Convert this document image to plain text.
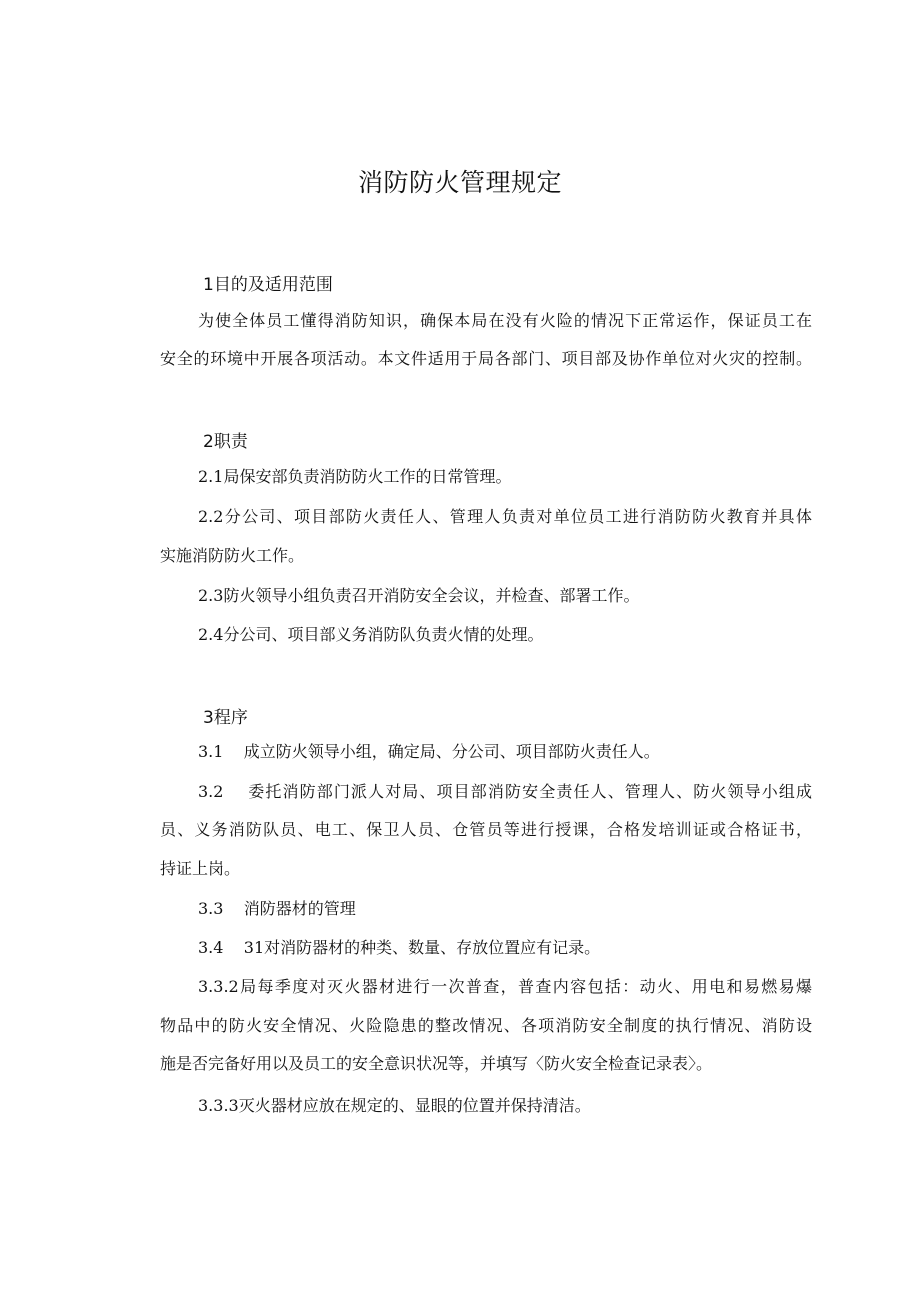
消防防火管理规定
1目的及适用范围
为使全体员工懂得消防知识，确保本局在没有火险的情况下正常运作，保证员工在
安全的环境中开展各项活动。本文件适用于局各部门、项目部及协作单位对火灾的控制。
2职责
2.1局保安部负责消防防火工作的日常管理。
2.2分公司、项目部防火责任人、管理人负责对单位员工进行消防防火教育并具体
实施消防防火工作。
2.3防火领导小组负责召开消防安全会议，并检查、部署工作。
2.4分公司、项目部义务消防队负责火情的处理。
3程序
3.1    成立防火领导小组，确定局、分公司、项目部防火责任人。
3.2    委托消防部门派人对局、项目部消防安全责任人、管理人、防火领导小组成
员、义务消防队员、电工、保卫人员、仓管员等进行授课，合格发培训证或合格证书，
持证上岗。
3.3    消防器材的管理
3.4    31对消防器材的种类、数量、存放位置应有记录。
3.3.2局每季度对灭火器材进行一次普查，普查内容包括：动火、用电和易燃易爆
物品中的防火安全情况、火险隐患的整改情况、各项消防安全制度的执行情况、消防设
施是否完备好用以及员工的安全意识状况等，并填写〈防火安全检查记录表〉。
3.3.3灭火器材应放在规定的、显眼的位置并保持清洁。
